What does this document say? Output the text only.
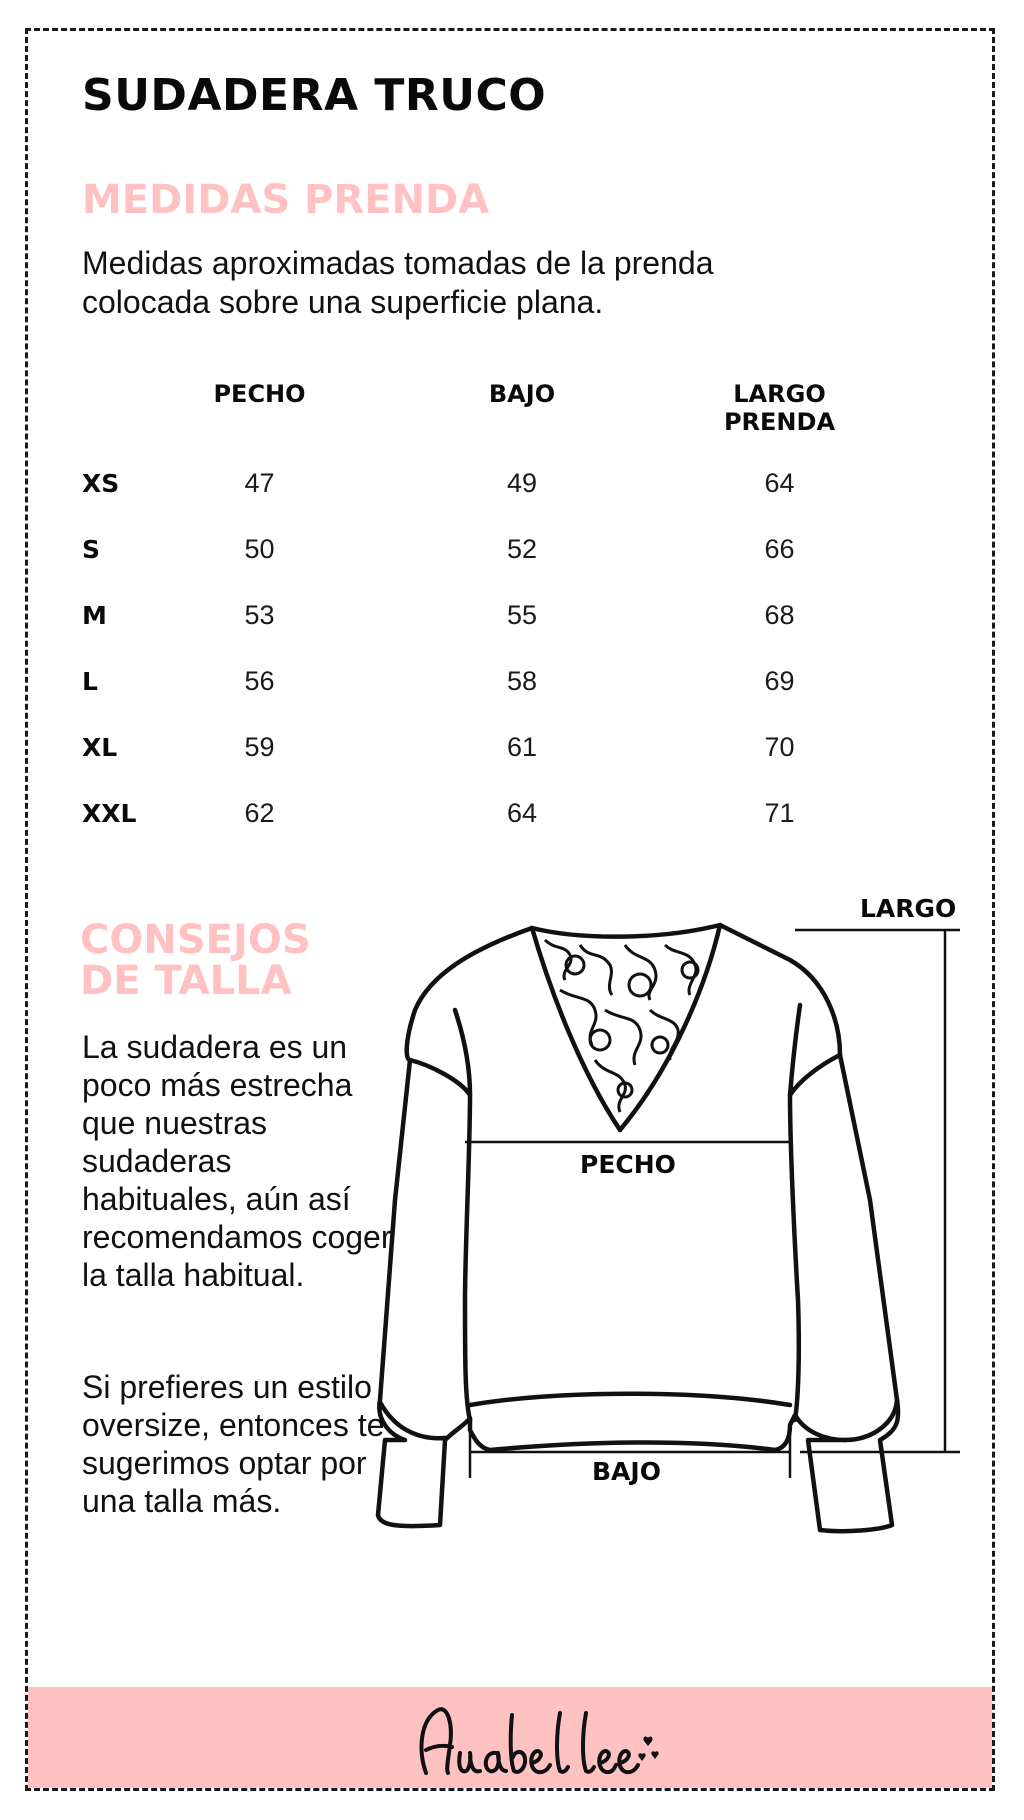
SUDADERA TRUCO
MEDIDAS PRENDA

Medidas aproximadas tomadas de la prenda colocada sobre una superficie plana.

	PECHO	BAJO	LARGO
PRENDA
XS	47	49	64
S	50	52	66
M	53	55	68
L	56	58	69
XL	59	61	70
XXL	62	64	71
CONSEJOS
DE TALLA

La sudadera es un poco más estrecha que nuestras sudaderas habituales, aún así recomendamos coger la talla habitual.

Si prefieres un estilo oversize, entonces te sugerimos optar por una talla más.

LARGO

PECHO

BAJO
